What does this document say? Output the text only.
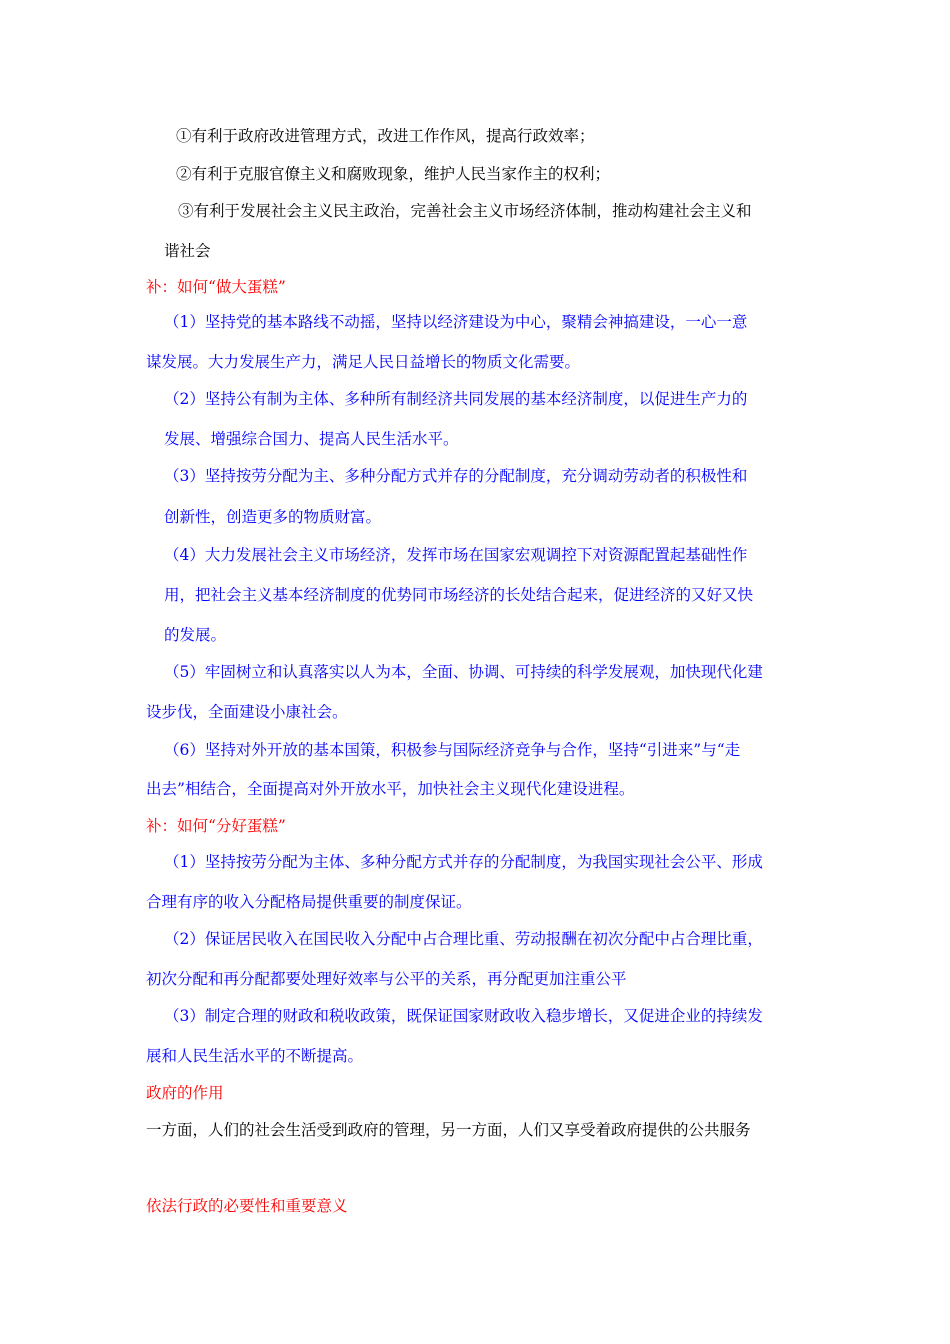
①有利于政府改进管理方式，改进工作作风，提高行政效率；
②有利于克服官僚主义和腐败现象，维护人民当家作主的权利；
③有利于发展社会主义民主政治，完善社会主义市场经济体制，推动构建社会主义和
谐社会
补：如何“做大蛋糕”
（1）坚持党的基本路线不动摇，坚持以经济建设为中心，聚精会神搞建设，一心一意
谋发展。大力发展生产力，满足人民日益增长的物质文化需要。
（2）坚持公有制为主体、多种所有制经济共同发展的基本经济制度，以促进生产力的
发展、增强综合国力、提高人民生活水平。
（3）坚持按劳分配为主、多种分配方式并存的分配制度，充分调动劳动者的积极性和
创新性，创造更多的物质财富。
（4）大力发展社会主义市场经济，发挥市场在国家宏观调控下对资源配置起基础性作
用，把社会主义基本经济制度的优势同市场经济的长处结合起来，促进经济的又好又快
的发展。
（5）牢固树立和认真落实以人为本，全面、协调、可持续的科学发展观，加快现代化建
设步伐，全面建设小康社会。
（6）坚持对外开放的基本国策，积极参与国际经济竞争与合作，坚持“引进来”与“走
出去”相结合，全面提高对外开放水平，加快社会主义现代化建设进程。
补：如何“分好蛋糕”
（1）坚持按劳分配为主体、多种分配方式并存的分配制度，为我国实现社会公平、形成
合理有序的收入分配格局提供重要的制度保证。
（2）保证居民收入在国民收入分配中占合理比重、劳动报酬在初次分配中占合理比重，
初次分配和再分配都要处理好效率与公平的关系，再分配更加注重公平
（3）制定合理的财政和税收政策，既保证国家财政收入稳步增长，又促进企业的持续发
展和人民生活水平的不断提高。
政府的作用
一方面，人们的社会生活受到政府的管理，另一方面，人们又享受着政府提供的公共服务
依法行政的必要性和重要意义
